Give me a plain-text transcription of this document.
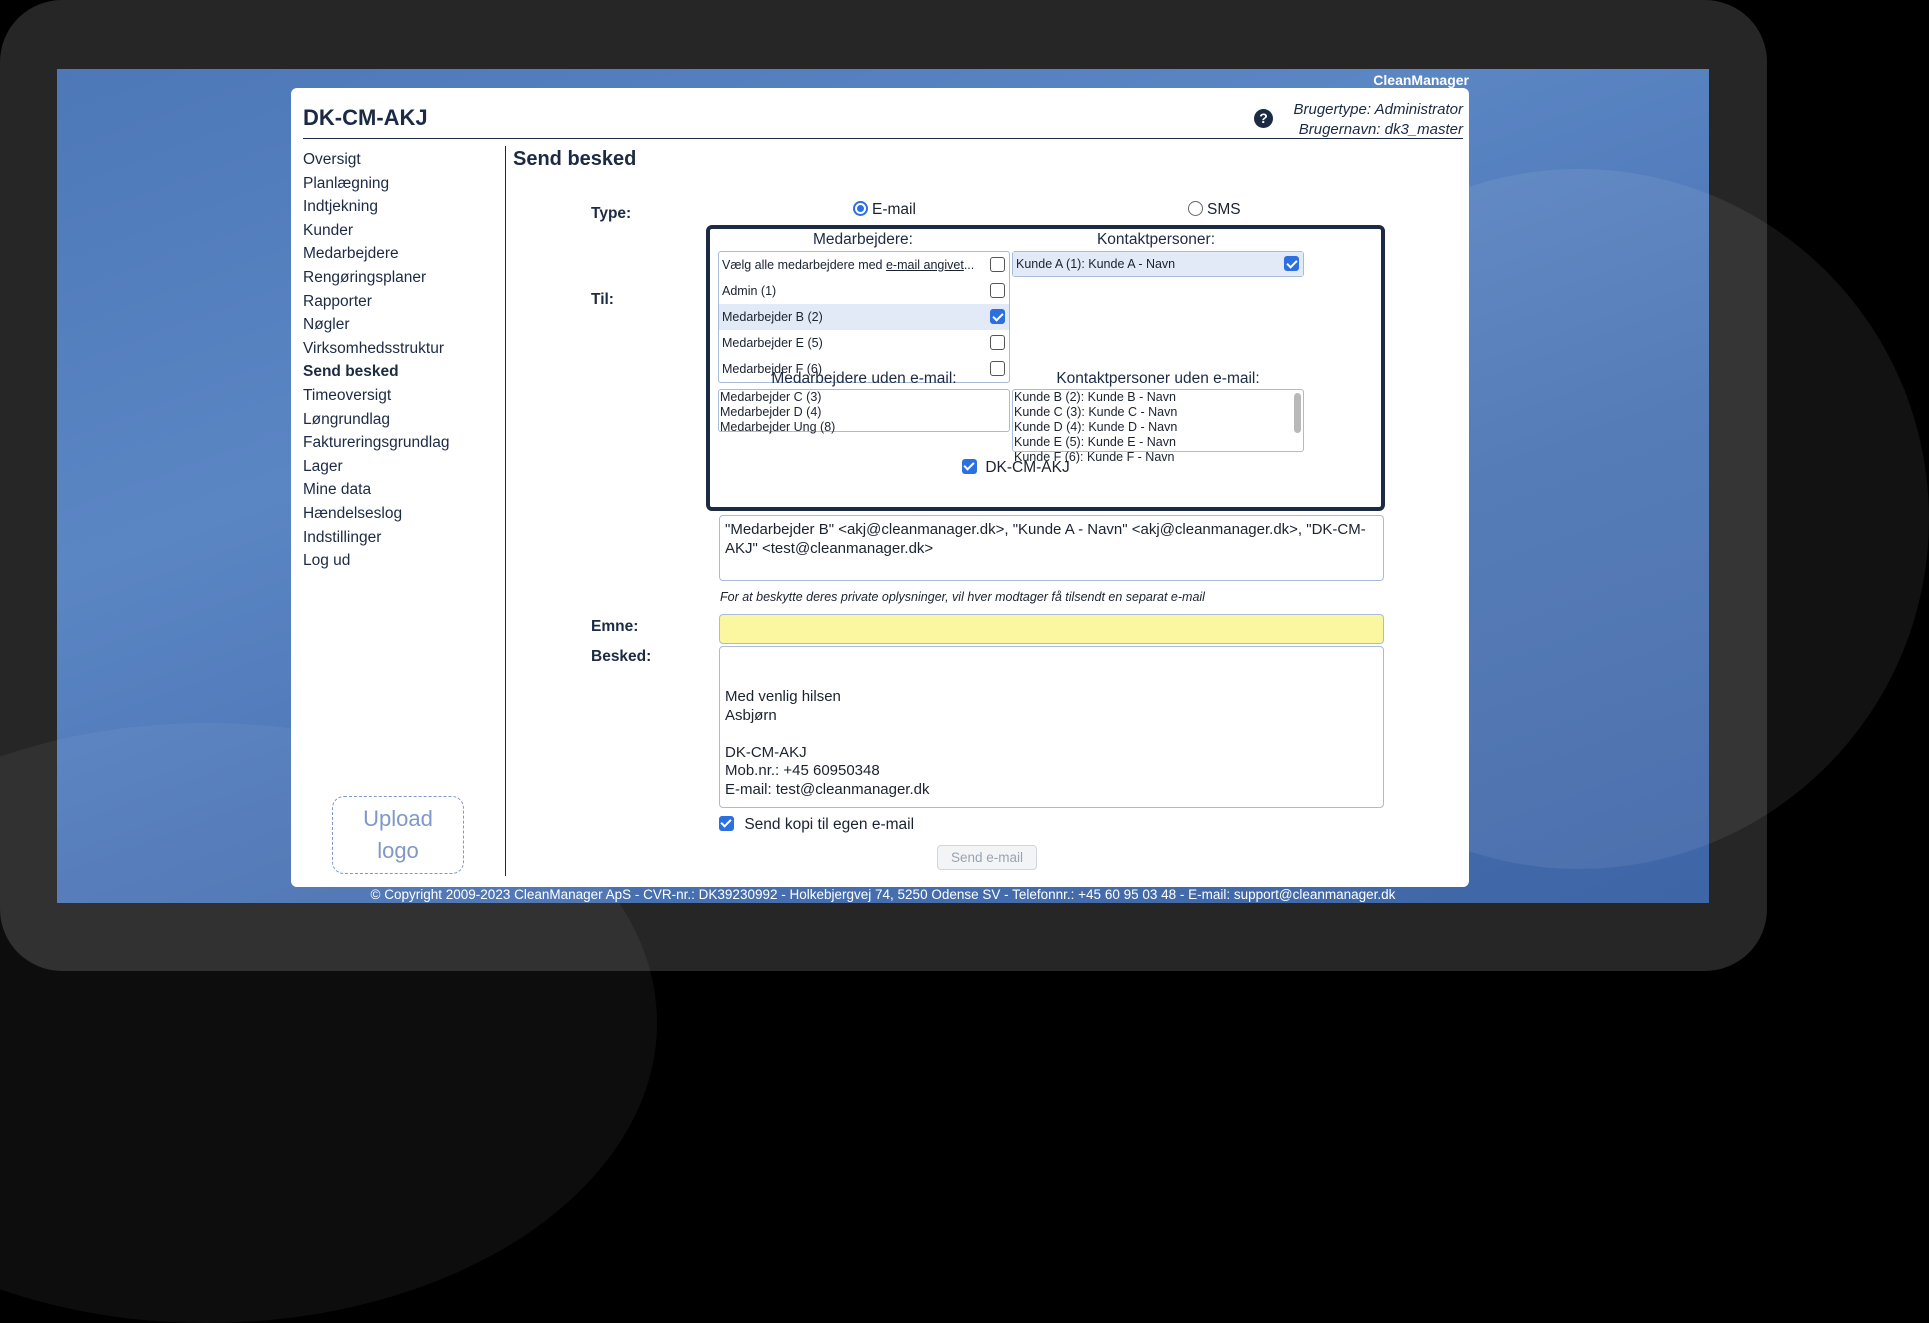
CleanManager
© Copyright 2009-2023 CleanManager ApS - CVR-nr.: DK39230992 - Holkebjergvej 74, 5250 Odense SV - Telefonnr.: +45 60 95 03 48 - E-mail: support@cleanmanager.dk
DK-CM-AKJ	?	Brugertype: Administrator
Brugernavn: dk3_master
Oversigt
Planlægning
Indtjekning
Kunder
Medarbejdere
Rengøringsplaner
Rapporter
Nøgler
Virksomhedsstruktur
Send besked
Timeoversigt
Løngrundlag
Faktureringsgrundlag
Lager
Mine data
Hændelseslog
Indstillinger
Log ud
Upload
logo
Send besked
Type:	E-mail	SMS
Til:
Medarbejdere:	Kontaktpersoner:
Vælg alle medarbejdere med e-mail angivet...
Admin (1)
Medarbejder B (2)
Medarbejder E (5)
Medarbejder F (6)
Kunde A (1): Kunde A - Navn
Medarbejdere uden e-mail:	Kontaktpersoner uden e-mail:
Medarbejder C (3)
Medarbejder D (4)
Medarbejder Ung (8)
Kunde B (2): Kunde B - Navn
Kunde C (3): Kunde C - Navn
Kunde D (4): Kunde D - Navn
Kunde E (5): Kunde E - Navn
Kunde F (6): Kunde F - Navn
DK-CM-AKJ
"Medarbejder B" <akj@cleanmanager.dk>, "Kunde A - Navn" <akj@cleanmanager.dk>, "DK-CM-AKJ" <test@cleanmanager.dk>
For at beskytte deres private oplysninger, vil hver modtager få tilsendt en separat e-mail
Emne:
Besked:
Med venlig hilsen
Asbjørn
DK-CM-AKJ
Mob.nr.: +45 60950348
E-mail: test@cleanmanager.dk
Send kopi til egen e-mail
Send e-mail
